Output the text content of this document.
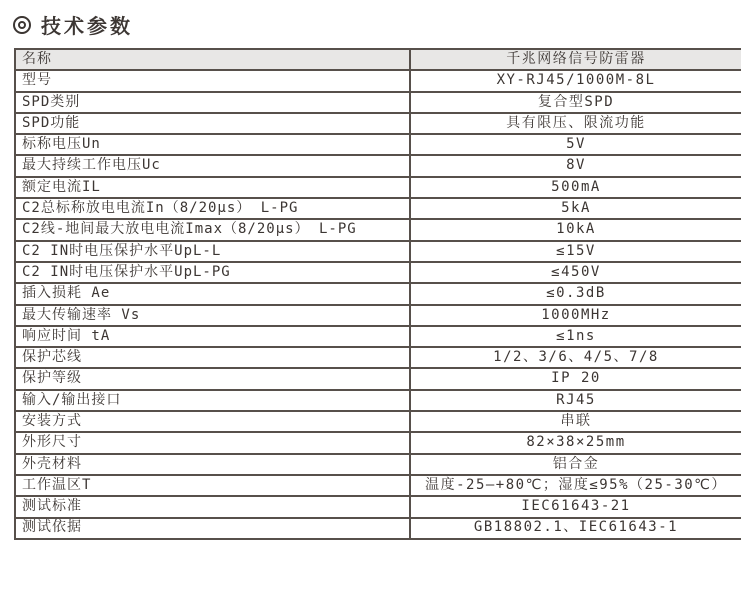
技术参数
名称	千兆网络信号防雷器
型号	XY-RJ45/1000M-8L
SPD类别	复合型SPD
SPD功能	具有限压、限流功能
标称电压Un	5V
最大持续工作电压Uc	8V
额定电流IL	500mA
C2总标称放电电流In（8/20μs） L-PG	5kA
C2线-地间最大放电电流Imax（8/20μs） L-PG	10kA
C2 IN时电压保护水平UpL-L	≤15V
C2 IN时电压保护水平UpL-PG	≤450V
插入损耗 Ae	≤0.3dB
最大传输速率 Vs	1000MHz
响应时间 tA	≤1ns
保护芯线	1/2、3/6、4/5、7/8
保护等级	IP 20
输入/输出接口	RJ45
安装方式	串联
外形尺寸	82×38×25mm
外壳材料	铝合金
工作温区T	温度-25—+80℃；湿度≤95%（25-30℃）
测试标准	IEC61643-21
测试依据	GB18802.1、IEC61643-1
